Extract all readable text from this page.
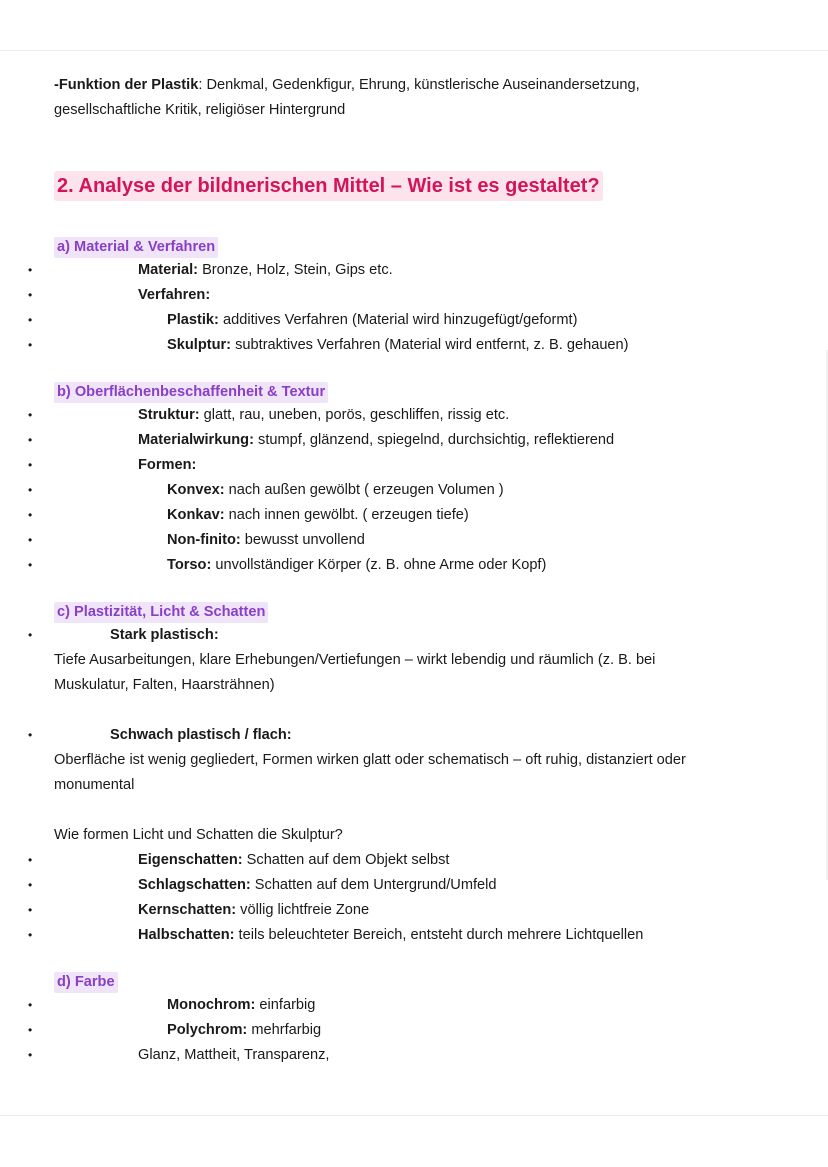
-Funktion der Plastik: Denkmal, Gedenkfigur, Ehrung, künstlerische Auseinandersetzung,
gesellschaftliche Kritik, religiöser Hintergrund

2. Analyse der bildnerischen Mittel – Wie ist es gestaltet?
a) Material & Verfahren
• Material: Bronze, Holz, Stein, Gips etc.
• Verfahren:
• Plastik: additives Verfahren (Material wird hinzugefügt/geformt)
• Skulptur: subtraktives Verfahren (Material wird entfernt, z. B. gehauen)
b) Oberflächenbeschaffenheit & Textur
• Struktur: glatt, rau, uneben, porös, geschliffen, rissig etc.
• Materialwirkung: stumpf, glänzend, spiegelnd, durchsichtig, reflektierend
• Formen:
• Konvex: nach außen gewölbt ( erzeugen Volumen )
• Konkav: nach innen gewölbt. ( erzeugen tiefe)
• Non-finito: bewusst unvollend
• Torso: unvollständiger Körper (z. B. ohne Arme oder Kopf)
c) Plastizität, Licht & Schatten
• Stark plastisch:

Tiefe Ausarbeitungen, klare Erhebungen/Vertiefungen – wirkt lebendig und räumlich (z. B. bei
Muskulatur, Falten, Haarsträhnen)

• Schwach plastisch / flach:

Oberfläche ist wenig gegliedert, Formen wirken glatt oder schematisch – oft ruhig, distanziert oder
monumental

Wie formen Licht und Schatten die Skulptur?

• Eigenschatten: Schatten auf dem Objekt selbst
• Schlagschatten: Schatten auf dem Untergrund/Umfeld
• Kernschatten: völlig lichtfreie Zone
• Halbschatten: teils beleuchteter Bereich, entsteht durch mehrere Lichtquellen
d) Farbe
• Monochrom: einfarbig
• Polychrom: mehrfarbig
• Glanz, Mattheit, Transparenz,
